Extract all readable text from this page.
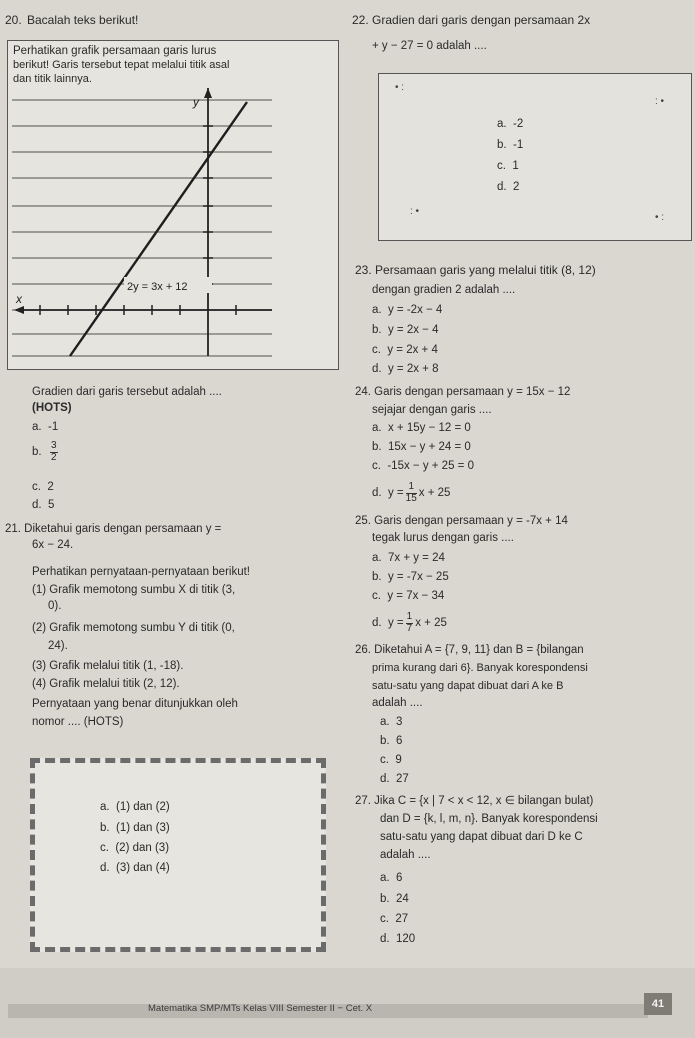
20. Bacalah teks berikut!
Perhatikan grafik persamaan garis lurus
berikut! Garis tersebut tepat melalui titik asal
dan titik lainnya.
y
x
2y = 3x + 12
Gradien dari garis tersebut adalah ....
(HOTS)
a. -1
b. $\frac{3}{2}$
c. 2
d. 5
21. Diketahui garis dengan persamaan y =
6x − 24.
Perhatikan pernyataan-pernyataan berikut!
(1) Grafik memotong sumbu X di titik (3,
0).
(2) Grafik memotong sumbu Y di titik (0,
24).
(3) Grafik melalui titik (1, -18).
(4) Grafik melalui titik (2, 12).
Pernyataan yang benar ditunjukkan oleh
nomor .... (HOTS)
a. (1) dan (2)
b. (1) dan (3)
c. (2) dan (3)
d. (3) dan (4)
22. Gradien dari garis dengan persamaan 2x
+ y − 27 = 0 adalah ....
• :
: •
: •
• :
a. -2
b. -1
c. 1
d. 2
23. Persamaan garis yang melalui titik (8, 12)
dengan gradien 2 adalah ....
a. y = -2x − 4
b. y = 2x − 4
c. y = 2x + 4
d. y = 2x + 8
24. Garis dengan persamaan y = 15x − 12
sejajar dengan garis ....
a. x + 15y − 12 = 0
b. 15x − y + 24 = 0
c. -15x − y + 25 = 0
d. $y = \frac{1}{15}$ x + 25
25. Garis dengan persamaan y = -7x + 14
tegak lurus dengan garis ....
a. 7x + y = 24
b. y = -7x − 25
c. y = 7x − 34
d. $y = \frac{1}{7}$ x + 25
26. Diketahui A = {7, 9, 11} dan B = {bilangan
prima kurang dari 6}. Banyak korespondensi
satu-satu yang dapat dibuat dari A ke B
adalah ....
a. 3
b. 6
c. 9
d. 27
27. Jika C = {x | 7 < x < 12, x ∈ bilangan bulat)
dan D = {k, l, m, n}. Banyak korespondensi
satu-satu yang dapat dibuat dari D ke C
adalah ....
a. 6
b. 24
c. 27
d. 120
Matematika SMP/MTs Kelas VIII Semester II − Cet. X	41
